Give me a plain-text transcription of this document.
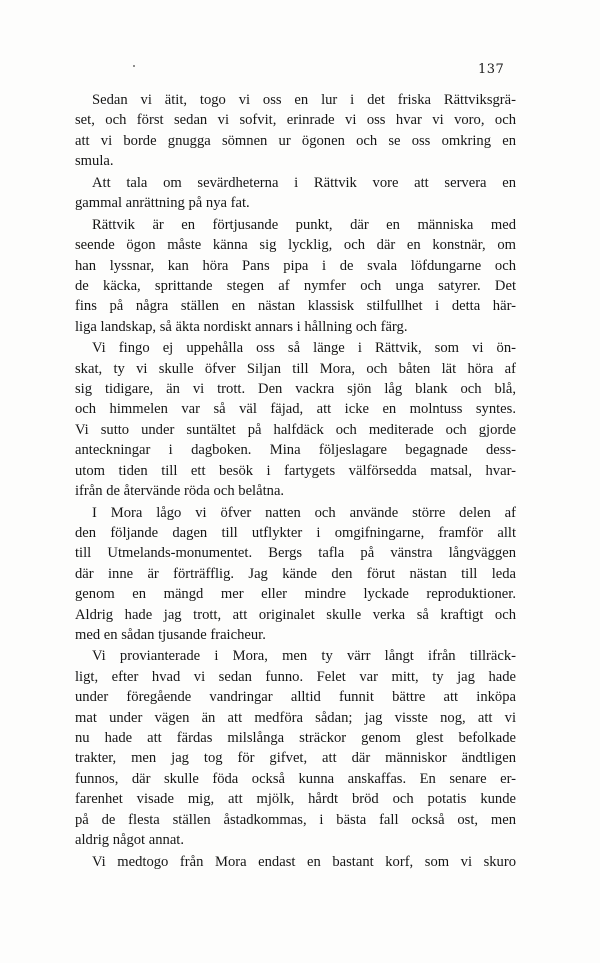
137
Sedan vi ätit, togo vi oss en lur i det friska Rättviksgrä-
set, och först sedan vi sofvit, erinrade vi oss hvar vi voro, och
att vi borde gnugga sömnen ur ögonen och se oss omkring en
smula.
Att tala om sevärdheterna i Rättvik vore att servera en
gammal anrättning på nya fat.
Rättvik är en förtjusande punkt, där en människa med
seende ögon måste känna sig lycklig, och där en konstnär, om
han lyssnar, kan höra Pans pipa i de svala löfdungarne och
de käcka, sprittande stegen af nymfer och unga satyrer. Det
fins på några ställen en nästan klassisk stilfullhet i detta här-
liga landskap, så äkta nordiskt annars i hållning och färg.
Vi fingo ej uppehålla oss så länge i Rättvik, som vi ön-
skat, ty vi skulle öfver Siljan till Mora, och båten lät höra af
sig tidigare, än vi trott. Den vackra sjön låg blank och blå,
och himmelen var så väl fäjad, att icke en molntuss syntes.
Vi sutto under suntältet på halfdäck och mediterade och gjorde
anteckningar i dagboken. Mina följeslagare begagnade dess-
utom tiden till ett besök i fartygets välförsedda matsal, hvar-
ifrån de återvände röda och belåtna.
I Mora lågo vi öfver natten och använde större delen af
den följande dagen till utflykter i omgifningarne, framför allt
till Utmelands-monumentet. Bergs tafla på vänstra långväggen
där inne är förträfflig. Jag kände den förut nästan till leda
genom en mängd mer eller mindre lyckade reproduktioner.
Aldrig hade jag trott, att originalet skulle verka så kraftigt och
med en sådan tjusande fraicheur.
Vi provianterade i Mora, men ty värr långt ifrån tillräck-
ligt, efter hvad vi sedan funno. Felet var mitt, ty jag hade
under föregående vandringar alltid funnit bättre att inköpa
mat under vägen än att medföra sådan; jag visste nog, att vi
nu hade att färdas milslånga sträckor genom glest befolkade
trakter, men jag tog för gifvet, att där människor ändtligen
funnos, där skulle föda också kunna anskaffas. En senare er-
farenhet visade mig, att mjölk, hårdt bröd och potatis kunde
på de flesta ställen åstadkommas, i bästa fall också ost, men
aldrig något annat.
Vi medtogo från Mora endast en bastant korf, som vi skuro
